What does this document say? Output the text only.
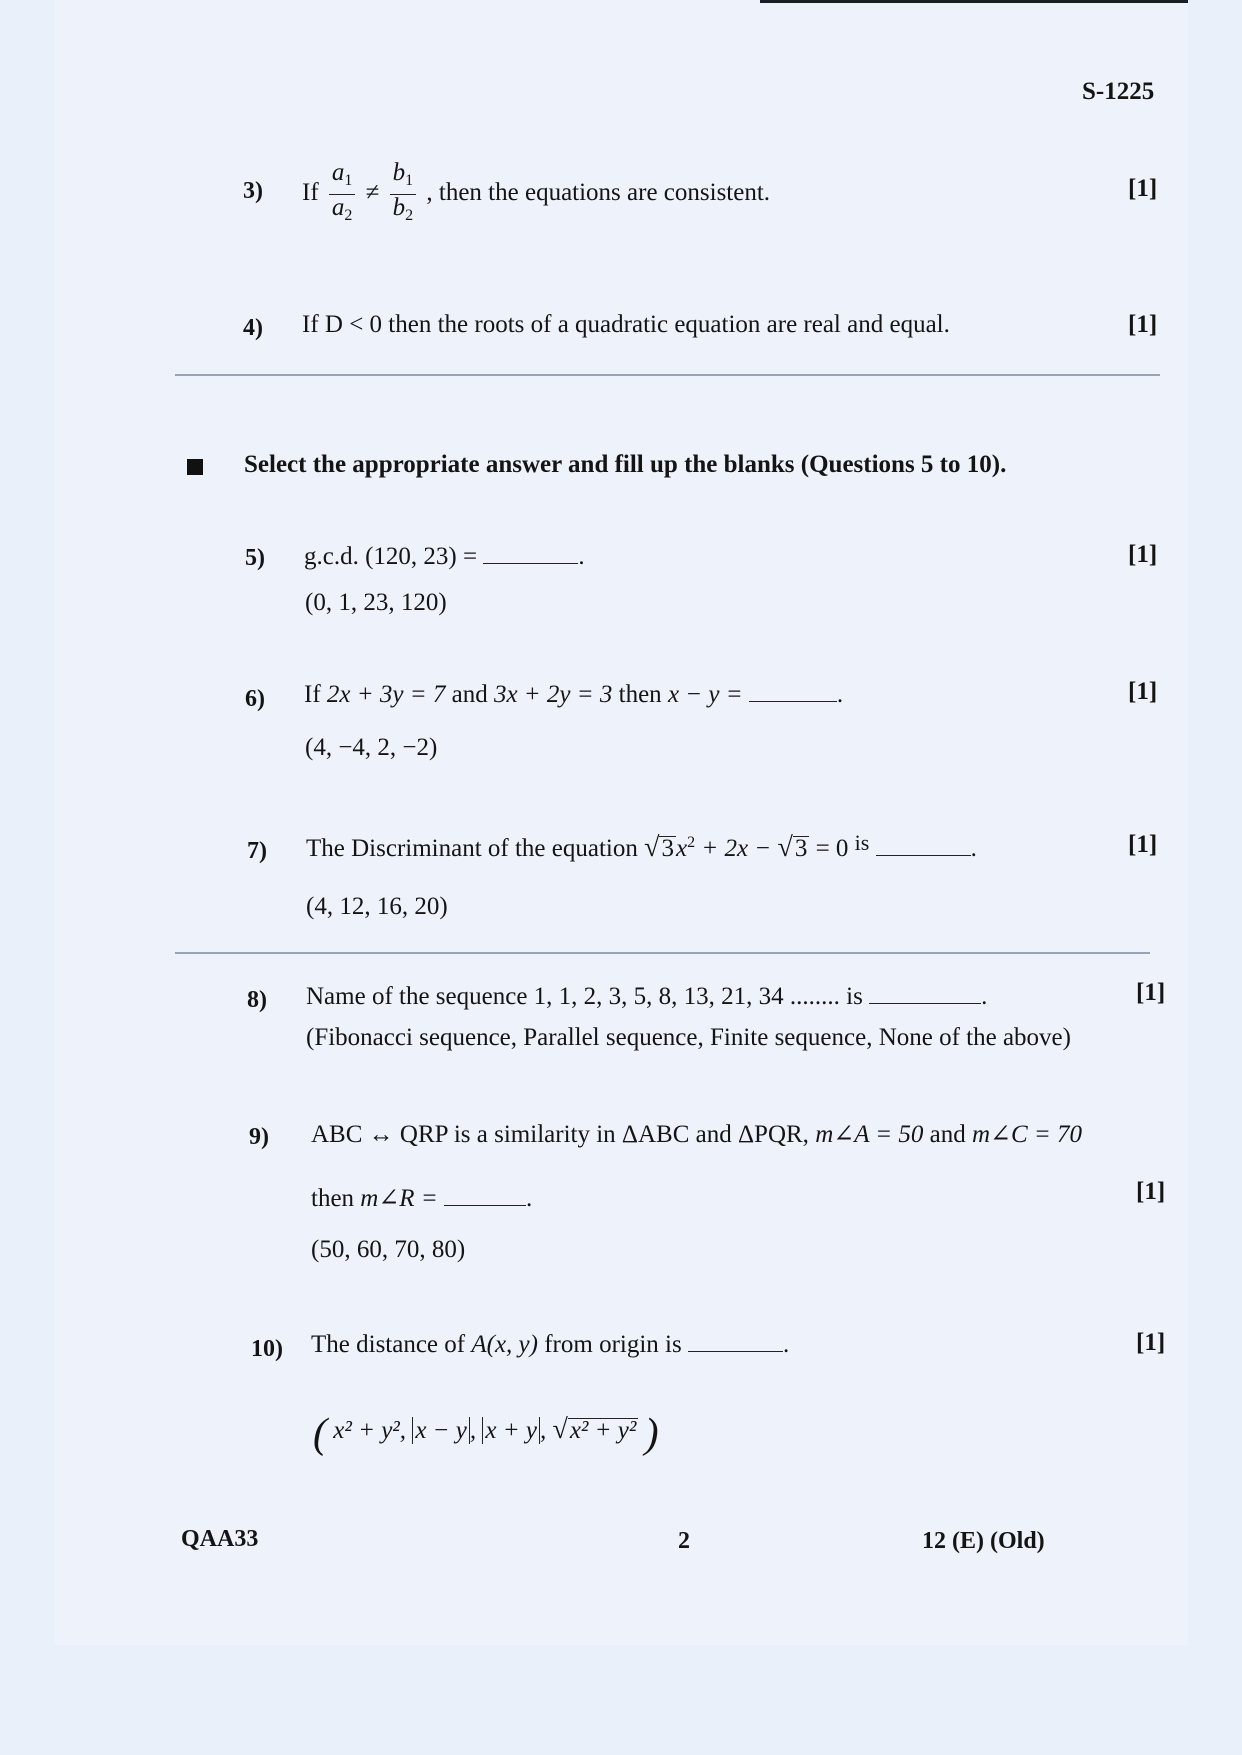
S-1225
3) If $\frac{a_1}{a_2} \ne \frac{b_1}{b_2}$ , then the equations are consistent.	[1]
4) If D < 0 then the roots of a quadratic equation are real and equal.	[1]
Select the appropriate answer and fill up the blanks (Questions 5 to 10).
5) g.c.d. (120, 23) =	.	[1]
(0, 1, 23, 120)
6) If 2x + 3y = 7 and 3x + 2y = 3 then x − y =	.	[1]
(4, −4, 2, −2)
7) The Discriminant of the equation $√3x^2 + 2x - √3 = 0$ is	.	[1]
(4, 12, 16, 20)
8) Name of the sequence 1, 1, 2, 3, 5, 8, 13, 21, 34 ........ is	.	[1]
(Fibonacci sequence, Parallel sequence, Finite sequence, None of the above)
9) ABC ↔ QRP is a similarity in ΔABC and ΔPQR, m∠A = 50 and m∠C = 70
then m∠R =	.	[1]
(50, 60, 70, 80)
10) The distance of A(x, y) from origin is	.	[1]
( x² + y², x − y , x + y , √x² + y² )
QAA33	2	12 (E) (Old)
